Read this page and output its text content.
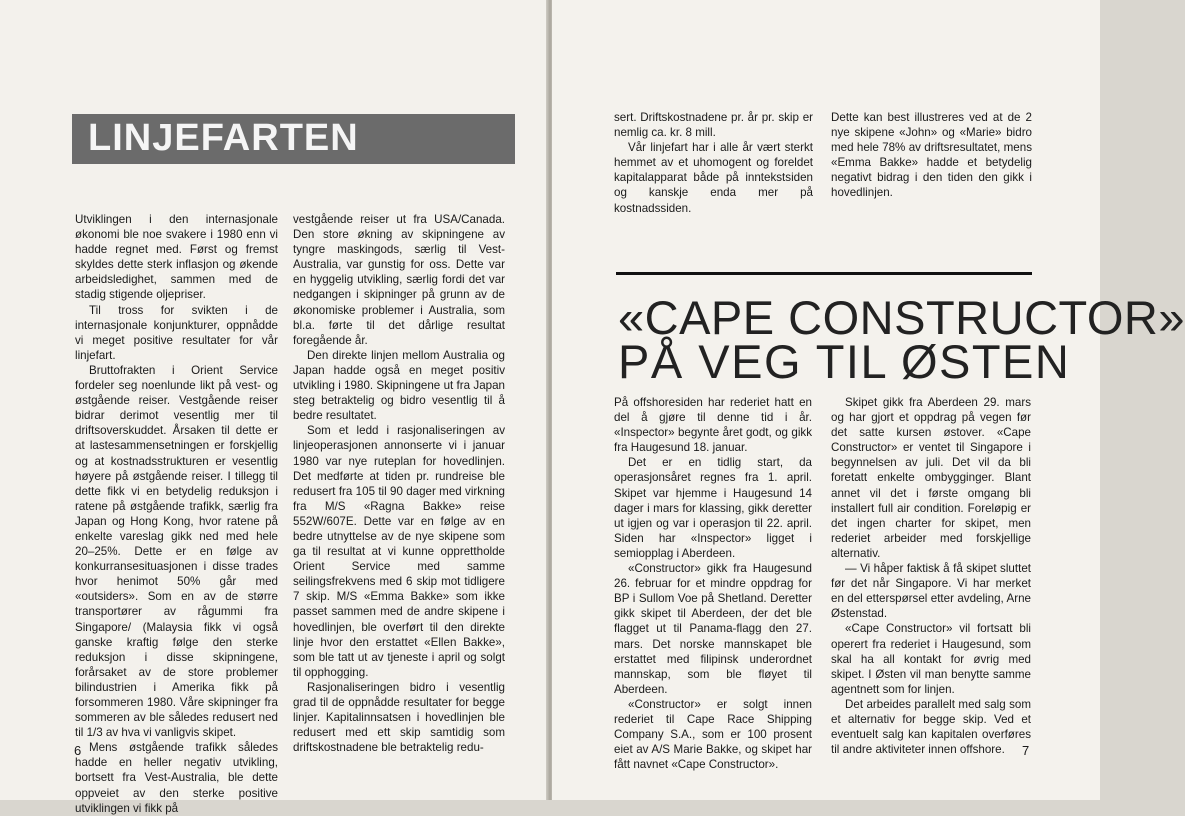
LINJEFARTEN

Utviklingen i den internasjonale økonomi ble noe svakere i 1980 enn vi hadde regnet med. Først og fremst skyldes dette sterk inflasjon og økende arbeidsledighet, sammen med de stadig stigende oljepriser.

Til tross for svikten i de internasjonale konjunkturer, oppnådde vi meget positive resultater for vår linjefart.

Bruttofrakten i Orient Service fordeler seg noenlunde likt på vest- og østgående reiser. Vestgående reiser bidrar derimot vesentlig mer til driftsoverskuddet. Årsaken til dette er at lastesammensetningen er forskjellig og at kostnadsstrukturen er vesentlig høyere på østgående reiser. I tillegg til dette fikk vi en betydelig reduksjon i ratene på østgående trafikk, særlig fra Japan og Hong Kong, hvor ratene på enkelte vareslag gikk ned med hele 20–25%. Dette er en følge av konkurransesituasjonen i disse trades hvor henimot 50% går med «outsiders». Som en av de større transportører av rågummi fra Singapore/ (Malaysia fikk vi også ganske kraftig følge den sterke reduksjon i disse skipningene, forårsaket av de store problemer bilindustrien i Amerika fikk på forsommeren 1980. Våre skipninger fra sommeren av ble således redusert ned til 1/3 av hva vi vanligvis skipet.

Mens østgående trafikk således hadde en heller negativ utvikling, bortsett fra Vest-Australia, ble dette oppveiet av den sterke positive utviklingen vi fikk på

vestgående reiser ut fra USA/Canada. Den store økning av skipningene av tyngre maskingods, særlig til Vest-Australia, var gunstig for oss. Dette var en hyggelig utvikling, særlig fordi det var nedgangen i skipninger på grunn av de økonomiske problemer i Australia, som bl.a. førte til det dårlige resultat foregående år.

Den direkte linjen mellom Australia og Japan hadde også en meget positiv utvikling i 1980. Skipningene ut fra Japan steg betraktelig og bidro vesentlig til å bedre resultatet.

Som et ledd i rasjonaliseringen av linjeoperasjonen annonserte vi i januar 1980 var nye ruteplan for hovedlinjen. Det medførte at tiden pr. rundreise ble redusert fra 105 til 90 dager med virkning fra M/S «Ragna Bakke» reise 552W/607E. Dette var en følge av en bedre utnyttelse av de nye skipene som ga til resultat at vi kunne opprettholde Orient Service med samme seilingsfrekvens med 6 skip mot tidligere 7 skip. M/S «Emma Bakke» som ikke passet sammen med de andre skipene i hovedlinjen, ble overført til den direkte linje hvor den erstattet «Ellen Bakke», som ble tatt ut av tjeneste i april og solgt til opphogging.

Rasjonaliseringen bidro i vesentlig grad til de oppnådde resultater for begge linjer. Kapitalinnsatsen i hovedlinjen ble redusert med ett skip samtidig som driftskostnadene ble betraktelig redu-

6

sert. Driftskostnadene pr. år pr. skip er nemlig ca. kr. 8 mill.

Vår linjefart har i alle år vært sterkt hemmet av et uhomogent og foreldet kapitalapparat både på inntekstsiden og kanskje enda mer på kostnadssiden.

Dette kan best illustreres ved at de 2 nye skipene «John» og «Marie» bidro med hele 78% av driftsresultatet, mens «Emma Bakke» hadde et betydelig negativt bidrag i den tiden den gikk i hovedlinjen.

«CAPE CONSTRUCTOR»
PÅ VEG TIL ØSTEN

På offshoresiden har rederiet hatt en del å gjøre til denne tid i år. «Inspector» begynte året godt, og gikk fra Haugesund 18. januar.

Det er en tidlig start, da operasjonsåret regnes fra 1. april. Skipet var hjemme i Haugesund 14 dager i mars for klassing, gikk deretter ut igjen og var i operasjon til 22. april. Siden har «Inspector» ligget i semiopplag i Aberdeen.

«Constructor» gikk fra Haugesund 26. februar for et mindre oppdrag for BP i Sullom Voe på Shetland. Deretter gikk skipet til Aberdeen, der det ble flagget ut til Panama-flagg den 27. mars. Det norske mannskapet ble erstattet med filipinsk underordnet mannskap, som ble fløyet til Aberdeen.

«Constructor» er solgt innen rederiet til Cape Race Shipping Company S.A., som er 100 prosent eiet av A/S Marie Bakke, og skipet har fått navnet «Cape Constructor».

Skipet gikk fra Aberdeen 29. mars og har gjort et oppdrag på vegen før det satte kursen østover. «Cape Constructor» er ventet til Singapore i begynnelsen av juli. Det vil da bli foretatt enkelte ombygginger. Blant annet vil det i første omgang bli installert full air condition. Foreløpig er det ingen charter for skipet, men rederiet arbeider med forskjellige alternativ.

— Vi håper faktisk å få skipet sluttet før det når Singapore. Vi har merket en del etterspørsel etter avdeling, Arne Østenstad.

«Cape Constructor» vil fortsatt bli operert fra rederiet i Haugesund, som skal ha all kontakt for øvrig med skipet. I Østen vil man benytte samme agentnett som for linjen.

Det arbeides parallelt med salg som et alternativ for begge skip. Ved et eventuelt salg kan kapitalen overføres til andre aktiviteter innen offshore.	7
